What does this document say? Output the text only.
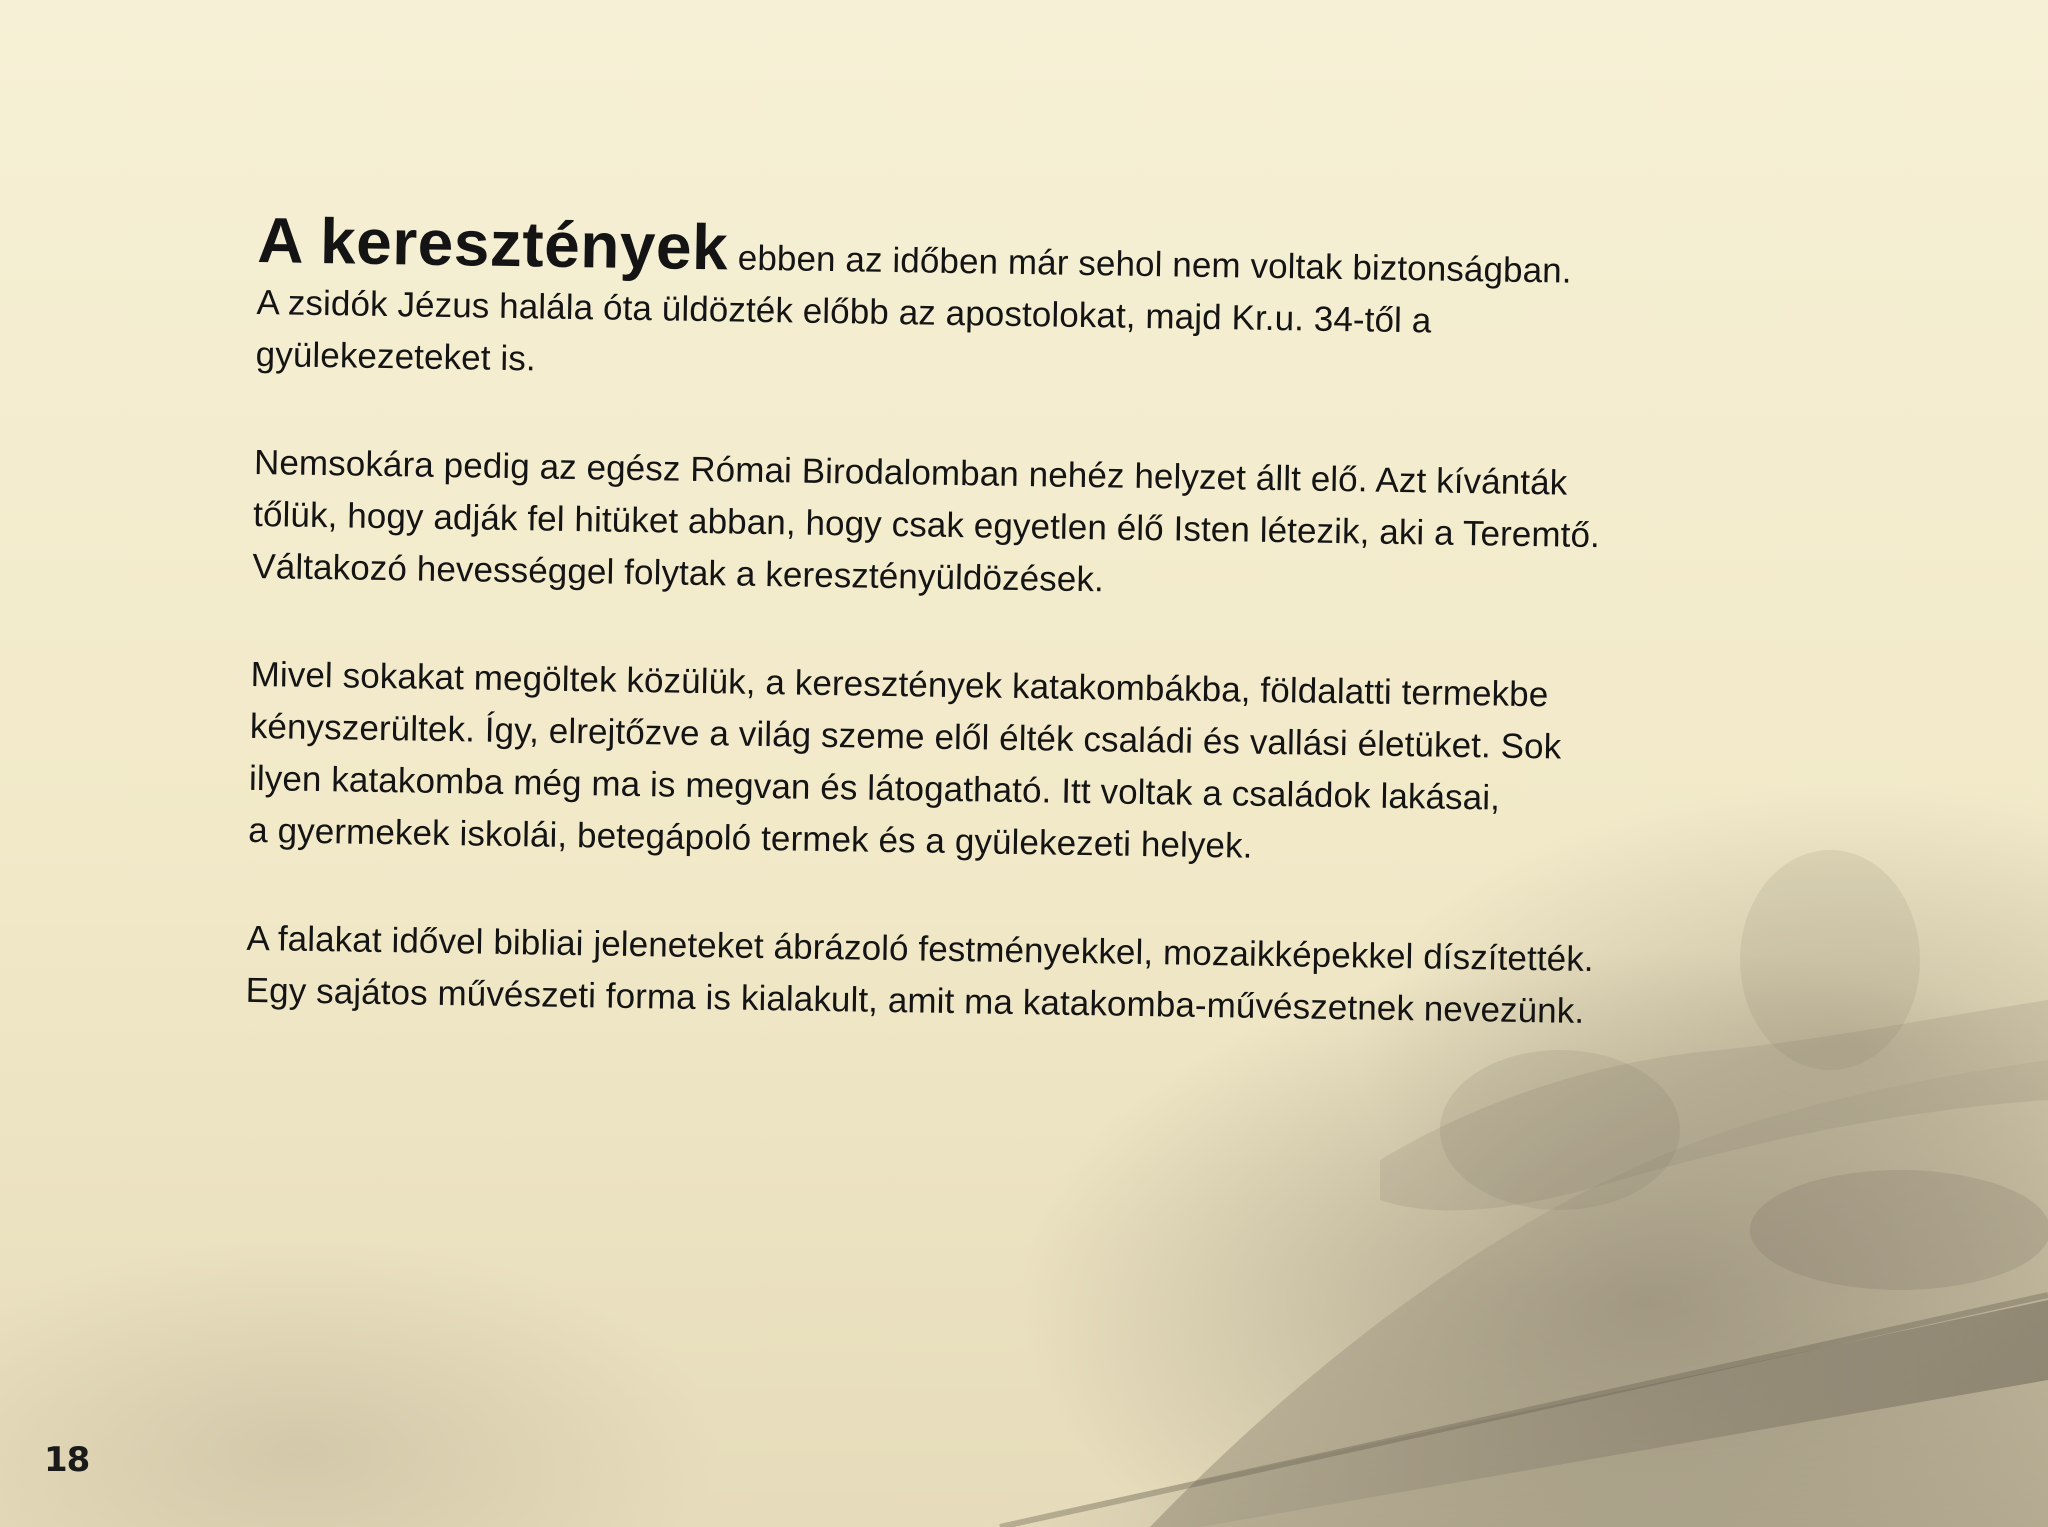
A keresztények ebben az időben már sehol nem voltak biztonságban.
A zsidók Jézus halála óta üldözték előbb az apostolokat, majd Kr.u. 34-től a
gyülekezeteket is.

Nemsokára pedig az egész Római Birodalomban nehéz helyzet állt elő. Azt kívánták
tőlük, hogy adják fel hitüket abban, hogy csak egyetlen élő Isten létezik, aki a Teremtő.
Váltakozó hevességgel folytak a keresztényüldözések.

Mivel sokakat megöltek közülük, a keresztények katakombákba, földalatti termekbe
kényszerültek. Így, elrejtőzve a világ szeme elől élték családi és vallási életüket. Sok
ilyen katakomba még ma is megvan és látogatható. Itt voltak a családok lakásai,
a gyermekek iskolái, betegápoló termek és a gyülekezeti helyek.

A falakat idővel bibliai jeleneteket ábrázoló festményekkel, mozaikképekkel díszítették.
Egy sajátos művészeti forma is kialakult, amit ma katakomba-művészetnek nevezünk.

18
